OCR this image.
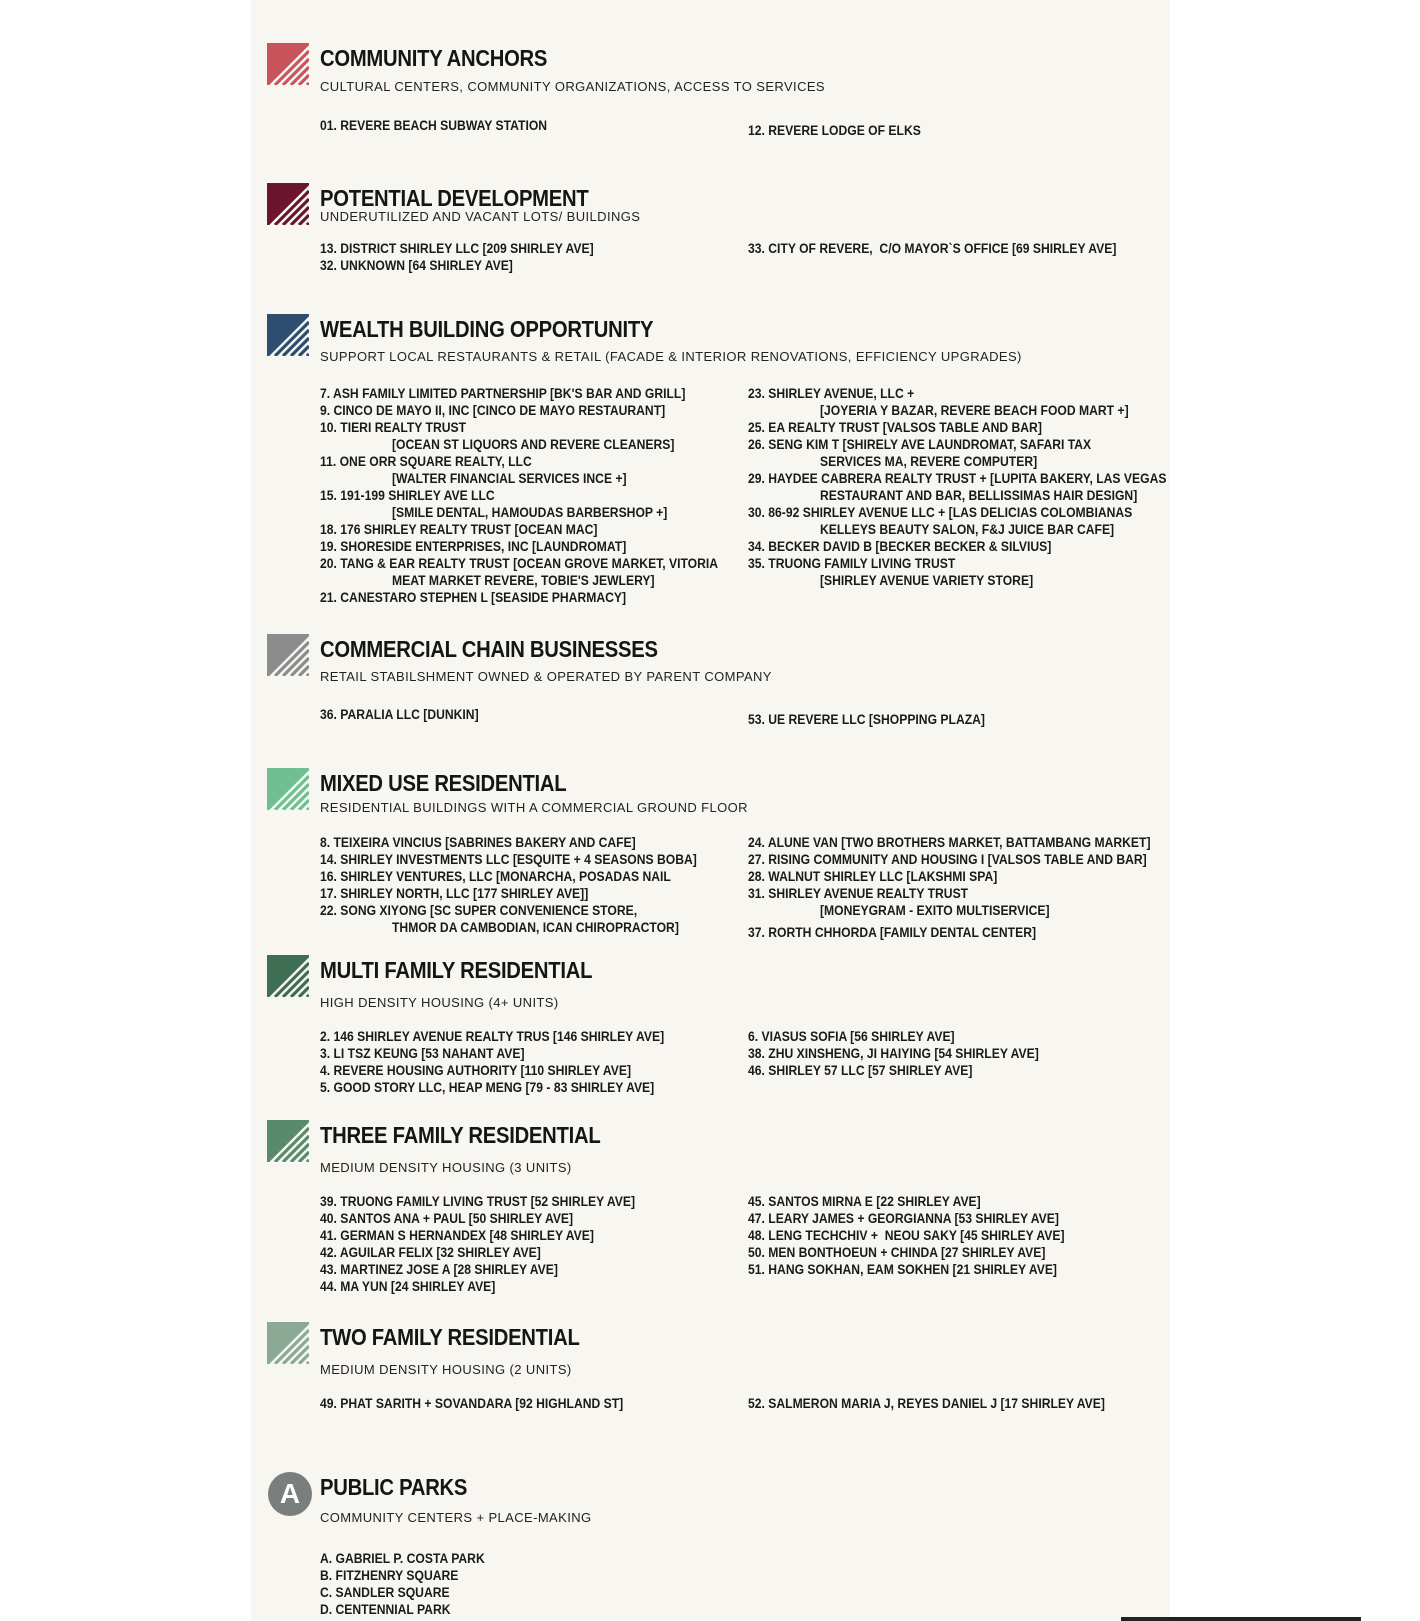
COMMUNITY ANCHORS
CULTURAL CENTERS, COMMUNITY ORGANIZATIONS, ACCESS TO SERVICES
01. REVERE BEACH SUBWAY STATION	12. REVERE LODGE OF ELKS
POTENTIAL DEVELOPMENT
UNDERUTILIZED AND VACANT LOTS/ BUILDINGS
13. DISTRICT SHIRLEY LLC [209 SHIRLEY AVE]
32. UNKNOWN [64 SHIRLEY AVE]
33. CITY OF REVERE,  C/O MAYOR`S OFFICE [69 SHIRLEY AVE]
WEALTH BUILDING OPPORTUNITY
SUPPORT LOCAL RESTAURANTS & RETAIL (FACADE & INTERIOR RENOVATIONS, EFFICIENCY UPGRADES)
7. ASH FAMILY LIMITED PARTNERSHIP [BK'S BAR AND GRILL]
9. CINCO DE MAYO II, INC [CINCO DE MAYO RESTAURANT]
10. TIERI REALTY TRUST
[OCEAN ST LIQUORS AND REVERE CLEANERS]
11. ONE ORR SQUARE REALTY, LLC
[WALTER FINANCIAL SERVICES INCE +]
15. 191-199 SHIRLEY AVE LLC
[SMILE DENTAL, HAMOUDAS BARBERSHOP +]
18. 176 SHIRLEY REALTY TRUST [OCEAN MAC]
19. SHORESIDE ENTERPRISES, INC [LAUNDROMAT]
20. TANG & EAR REALTY TRUST [OCEAN GROVE MARKET, VITORIA
MEAT MARKET REVERE, TOBIE'S JEWLERY]
21. CANESTARO STEPHEN L [SEASIDE PHARMACY]
23. SHIRLEY AVENUE, LLC +
[JOYERIA Y BAZAR, REVERE BEACH FOOD MART +]
25. EA REALTY TRUST [VALSOS TABLE AND BAR]
26. SENG KIM T [SHIRELY AVE LAUNDROMAT, SAFARI TAX
SERVICES MA, REVERE COMPUTER]
29. HAYDEE CABRERA REALTY TRUST + [LUPITA BAKERY, LAS VEGAS
RESTAURANT AND BAR, BELLISSIMAS HAIR DESIGN]
30. 86-92 SHIRLEY AVENUE LLC + [LAS DELICIAS COLOMBIANAS
KELLEYS BEAUTY SALON, F&J JUICE BAR CAFE]
34. BECKER DAVID B [BECKER BECKER & SILVIUS]
35. TRUONG FAMILY LIVING TRUST
[SHIRLEY AVENUE VARIETY STORE]
COMMERCIAL CHAIN BUSINESSES
RETAIL STABILSHMENT OWNED & OPERATED BY PARENT COMPANY
36. PARALIA LLC [DUNKIN]	53. UE REVERE LLC [SHOPPING PLAZA]
MIXED USE RESIDENTIAL
RESIDENTIAL BUILDINGS WITH A COMMERCIAL GROUND FLOOR
8. TEIXEIRA VINCIUS [SABRINES BAKERY AND CAFE]
14. SHIRLEY INVESTMENTS LLC [ESQUITE + 4 SEASONS BOBA]
16. SHIRLEY VENTURES, LLC [MONARCHA, POSADAS NAIL
17. SHIRLEY NORTH, LLC [177 SHIRLEY AVE]]
22. SONG XIYONG [SC SUPER CONVENIENCE STORE,
THMOR DA CAMBODIAN, ICAN CHIROPRACTOR]
24. ALUNE VAN [TWO BROTHERS MARKET, BATTAMBANG MARKET]
27. RISING COMMUNITY AND HOUSING I [VALSOS TABLE AND BAR]
28. WALNUT SHIRLEY LLC [LAKSHMI SPA]
31. SHIRLEY AVENUE REALTY TRUST
[MONEYGRAM - EXITO MULTISERVICE]
37. RORTH CHHORDA [FAMILY DENTAL CENTER]
MULTI FAMILY RESIDENTIAL
HIGH DENSITY HOUSING (4+ UNITS)
2. 146 SHIRLEY AVENUE REALTY TRUS [146 SHIRLEY AVE]
3. LI TSZ KEUNG [53 NAHANT AVE]
4. REVERE HOUSING AUTHORITY [110 SHIRLEY AVE]
5. GOOD STORY LLC, HEAP MENG [79 - 83 SHIRLEY AVE]
6. VIASUS SOFIA [56 SHIRLEY AVE]
38. ZHU XINSHENG, JI HAIYING [54 SHIRLEY AVE]
46. SHIRLEY 57 LLC [57 SHIRLEY AVE]
THREE FAMILY RESIDENTIAL
MEDIUM DENSITY HOUSING (3 UNITS)
39. TRUONG FAMILY LIVING TRUST [52 SHIRLEY AVE]
40. SANTOS ANA + PAUL [50 SHIRLEY AVE]
41. GERMAN S HERNANDEX [48 SHIRLEY AVE]
42. AGUILAR FELIX [32 SHIRLEY AVE]
43. MARTINEZ JOSE A [28 SHIRLEY AVE]
44. MA YUN [24 SHIRLEY AVE]
45. SANTOS MIRNA E [22 SHIRLEY AVE]
47. LEARY JAMES + GEORGIANNA [53 SHIRLEY AVE]
48. LENG TECHCHIV +  NEOU SAKY [45 SHIRLEY AVE]
50. MEN BONTHOEUN + CHINDA [27 SHIRLEY AVE]
51. HANG SOKHAN, EAM SOKHEN [21 SHIRLEY AVE]
TWO FAMILY RESIDENTIAL
MEDIUM DENSITY HOUSING (2 UNITS)
49. PHAT SARITH + SOVANDARA [92 HIGHLAND ST]	52. SALMERON MARIA J, REYES DANIEL J [17 SHIRLEY AVE]
A PUBLIC PARKS
COMMUNITY CENTERS + PLACE-MAKING
A. GABRIEL P. COSTA PARK
B. FITZHENRY SQUARE
C. SANDLER SQUARE
D. CENTENNIAL PARK
